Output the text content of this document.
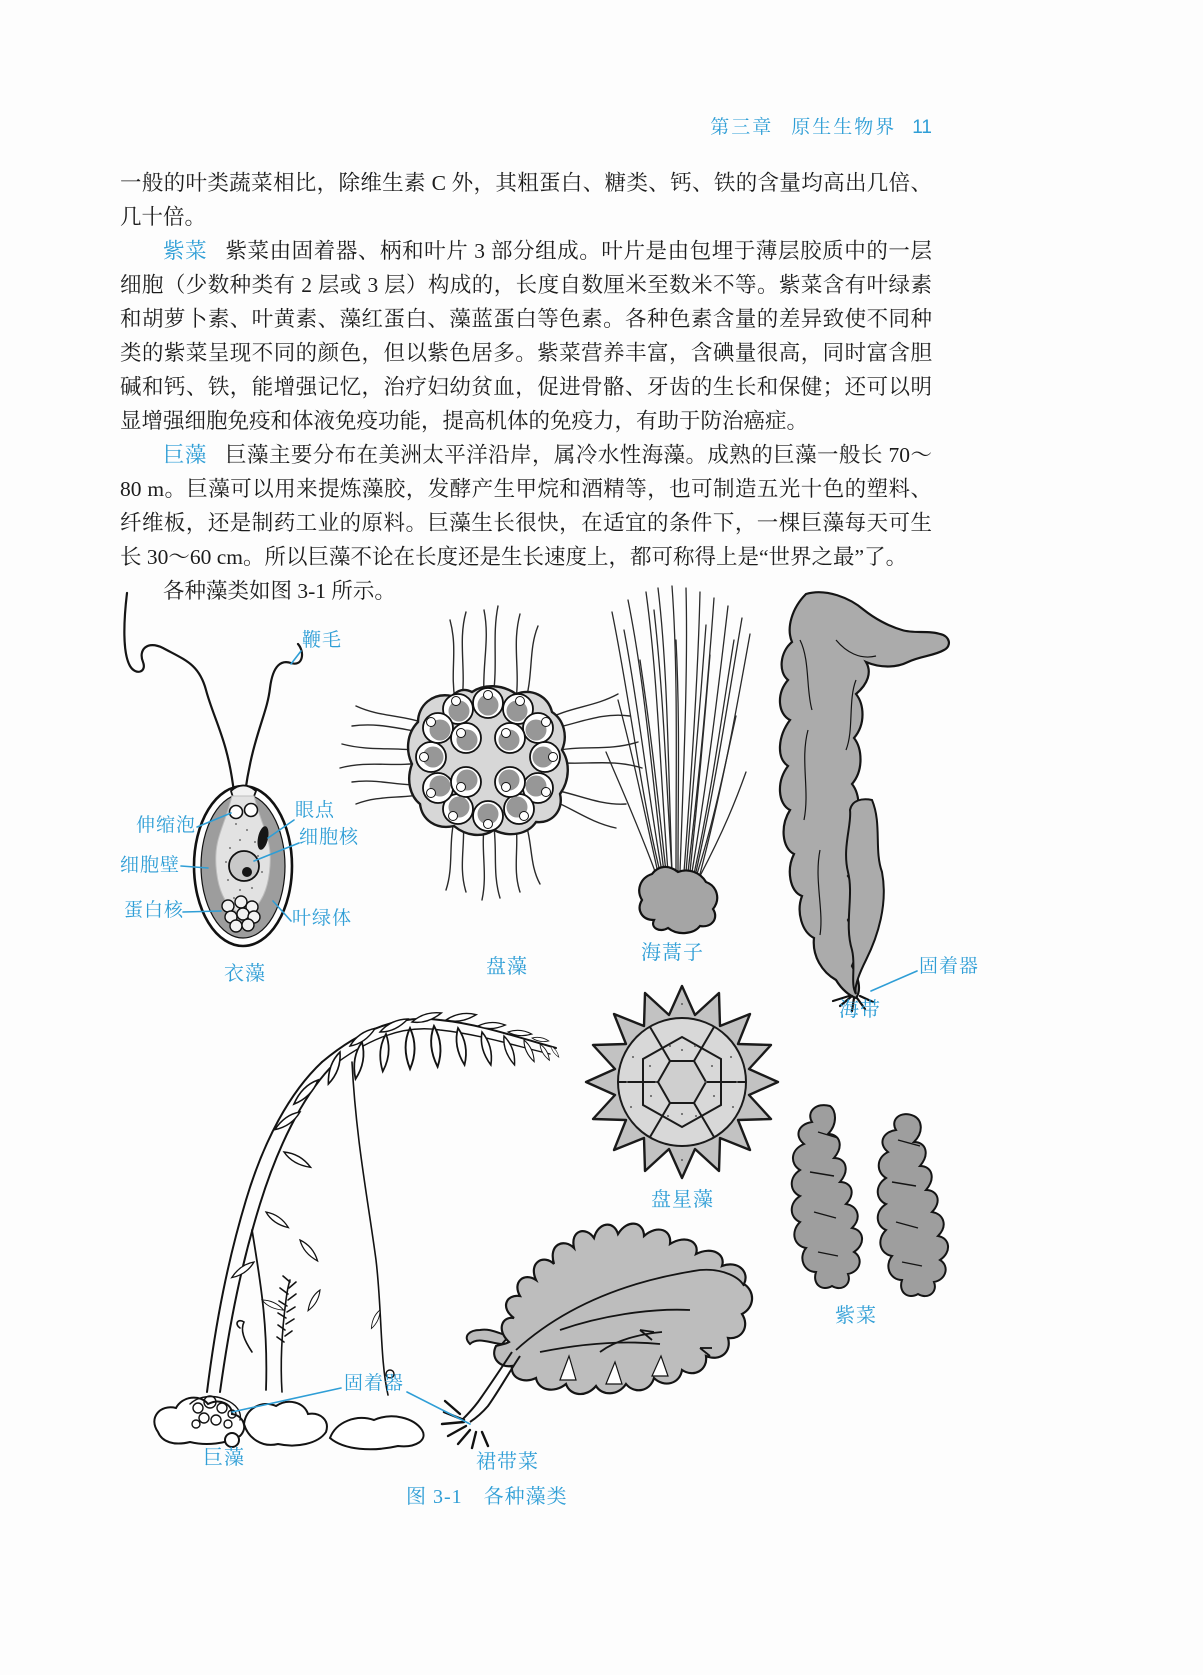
第三章 原生生物界 11

一般的叶类蔬菜相比，除维生素 C 外，其粗蛋白、糖类、钙、铁的含量均高出几倍、几十倍。

紫菜 紫菜由固着器、柄和叶片 3 部分组成。叶片是由包埋于薄层胶质中的一层细胞（少数种类有 2 层或 3 层）构成的，长度自数厘米至数米不等。紫菜含有叶绿素和胡萝卜素、叶黄素、藻红蛋白、藻蓝蛋白等色素。各种色素含量的差异致使不同种类的紫菜呈现不同的颜色，但以紫色居多。紫菜营养丰富，含碘量很高，同时富含胆碱和钙、铁，能增强记忆，治疗妇幼贫血，促进骨骼、牙齿的生长和保健；还可以明显增强细胞免疫和体液免疫功能，提高机体的免疫力，有助于防治癌症。

巨藻 巨藻主要分布在美洲太平洋沿岸，属冷水性海藻。成熟的巨藻一般长 70～80 m。巨藻可以用来提炼藻胶，发酵产生甲烷和酒精等，也可制造五光十色的塑料、纤维板，还是制药工业的原料。巨藻生长很快，在适宜的条件下，一棵巨藻每天可生长 30～60 cm。所以巨藻不论在长度还是生长速度上，都可称得上是“世界之最”了。

各种藻类如图 3-1 所示。

鞭毛
伸缩泡
眼点
细胞核
细胞壁
蛋白核	叶绿体
固着器
固着器
衣藻	盘藻
海蒿子
海带
盘星藻
紫菜
巨藻	裙带菜
图 3-1　各种藻类
